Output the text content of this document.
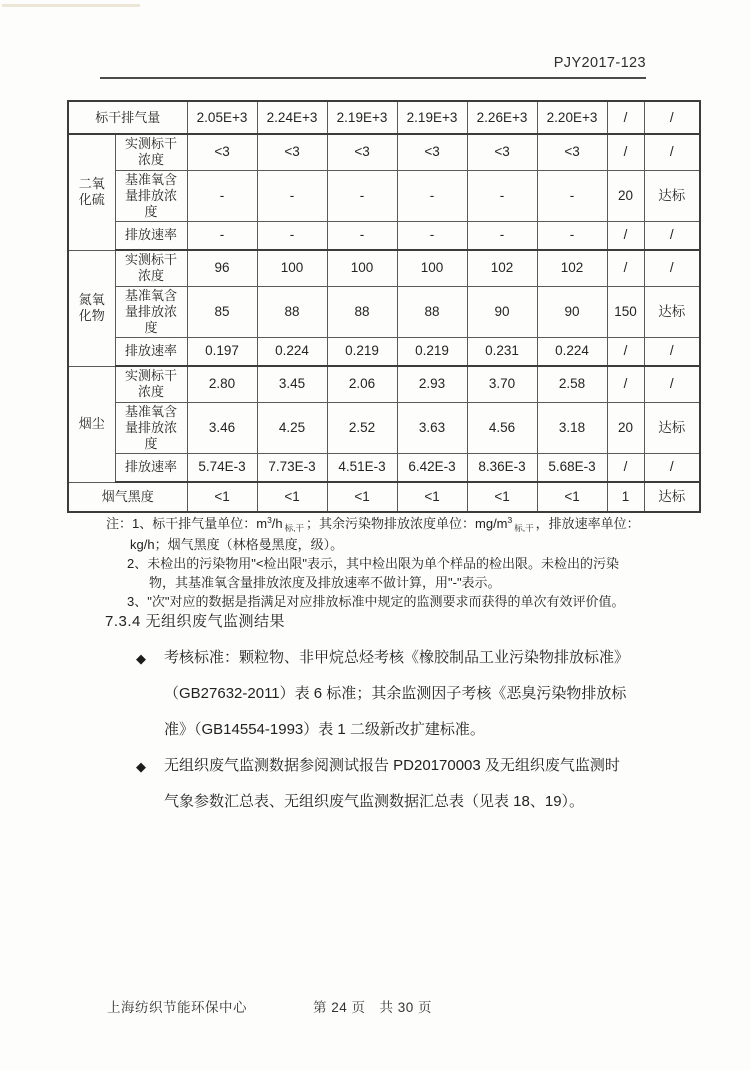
PJY2017-123
标干排气量		2.05E+3	2.24E+3	2.19E+3	2.19E+3	2.26E+3	2.20E+3	/	/
二氧化硫	实测标干浓度	<3	<3	<3	<3	<3	<3	/	/
	基准氧含量排放浓度	-	-	-	-	-	-	20	达标
	排放速率	-	-	-	-	-	-	/	/
氮氧化物	实测标干浓度	96	100	100	100	102	102	/	/
	基准氧含量排放浓度	85	88	88	88	90	90	150	达标
	排放速率	0.197	0.224	0.219	0.219	0.231	0.224	/	/
烟尘	实测标干浓度	2.80	3.45	2.06	2.93	3.70	2.58	/	/
	基准氧含量排放浓度	3.46	4.25	2.52	3.63	4.56	3.18	20	达标
	排放速率	5.74E-3	7.73E-3	4.51E-3	6.42E-3	8.36E-3	5.68E-3	/	/
烟气黑度		<1	<1	<1	<1	<1	<1	1	达标
注：1、标干排气量单位：$m^3/h$ $_{标,干}$ ；其余污染物排放浓度单位：$mg/m^3_{标,干}$ ，排放速率单位：
kg/h；烟气黑度（林格曼黑度，级）。
2、未检出的污染物用"<检出限"表示，其中检出限为单个样品的检出限。未检出的污染
物，其基准氧含量排放浓度及排放速率不做计算，用"-"表示。
3、"次"对应的数据是指满足对应排放标准中规定的监测要求而获得的单次有效评价值。
7.3.4 无组织废气监测结果
◆ 考核标准：颗粒物、非甲烷总烃考核《橡胶制品工业污染物排放标准》
（GB27632-2011）表 6 标准；其余监测因子考核《恶臭污染物排放标
准》（GB14554-1993）表 1 二级新改扩建标准。
◆ 无组织废气监测数据参阅测试报告 PD20170003 及无组织废气监测时
气象参数汇总表、无组织废气监测数据汇总表（见表 18、19）。
上海纺织节能环保中心	第 24 页　共 30 页
